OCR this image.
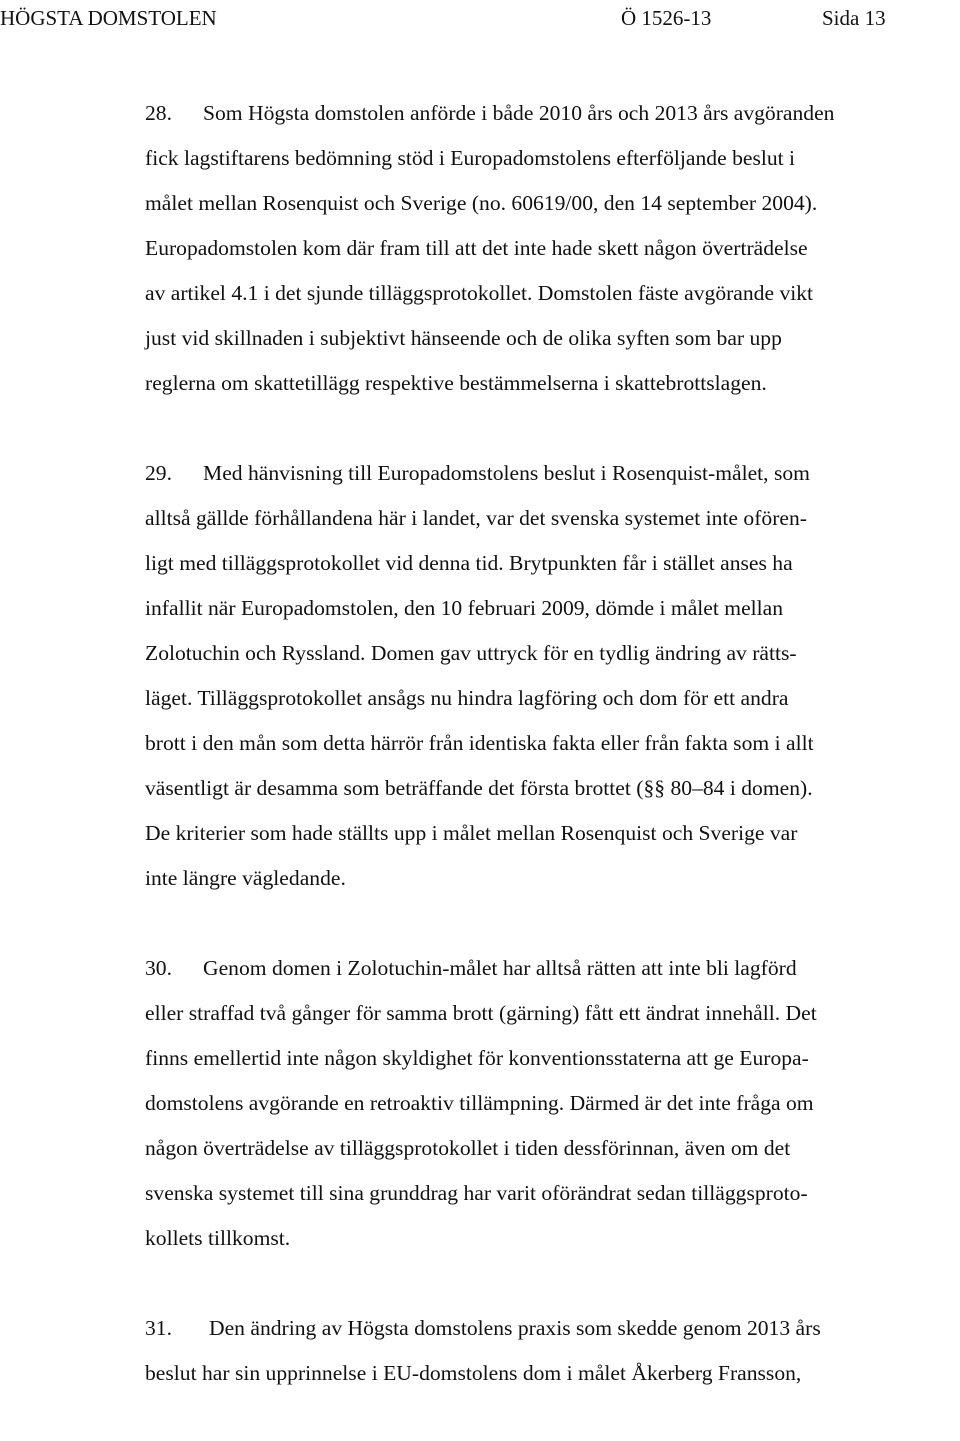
HÖGSTA DOMSTOLEN	Ö 1526-13	Sida 13
28. Som Högsta domstolen anförde i både 2010 års och 2013 års avgöranden
fick lagstiftarens bedömning stöd i Europadomstolens efterföljande beslut i
målet mellan Rosenquist och Sverige (no. 60619/00, den 14 september 2004).
Europadomstolen kom där fram till att det inte hade skett någon överträdelse
av artikel 4.1 i det sjunde tilläggsprotokollet. Domstolen fäste avgörande vikt
just vid skillnaden i subjektivt hänseende och de olika syften som bar upp
reglerna om skattetillägg respektive bestämmelserna i skattebrottslagen.
29. Med hänvisning till Europadomstolens beslut i Rosenquist-målet, som
alltså gällde förhållandena här i landet, var det svenska systemet inte ofören-
ligt med tilläggsprotokollet vid denna tid. Brytpunkten får i stället anses ha
infallit när Europadomstolen, den 10 februari 2009, dömde i målet mellan
Zolotuchin och Ryssland. Domen gav uttryck för en tydlig ändring av rätts-
läget. Tilläggsprotokollet ansågs nu hindra lagföring och dom för ett andra
brott i den mån som detta härrör från identiska fakta eller från fakta som i allt
väsentligt är desamma som beträffande det första brottet (§§ 80–84 i domen).
De kriterier som hade ställts upp i målet mellan Rosenquist och Sverige var
inte längre vägledande.
30. Genom domen i Zolotuchin-målet har alltså rätten att inte bli lagförd
eller straffad två gånger för samma brott (gärning) fått ett ändrat innehåll. Det
finns emellertid inte någon skyldighet för konventionsstaterna att ge Europa-
domstolens avgörande en retroaktiv tillämpning. Därmed är det inte fråga om
någon överträdelse av tilläggsprotokollet i tiden dessförinnan, även om det
svenska systemet till sina grunddrag har varit oförändrat sedan tilläggsproto-
kollets tillkomst.
31. Den ändring av Högsta domstolens praxis som skedde genom 2013 års
beslut har sin upprinnelse i EU-domstolens dom i målet Åkerberg Fransson,
